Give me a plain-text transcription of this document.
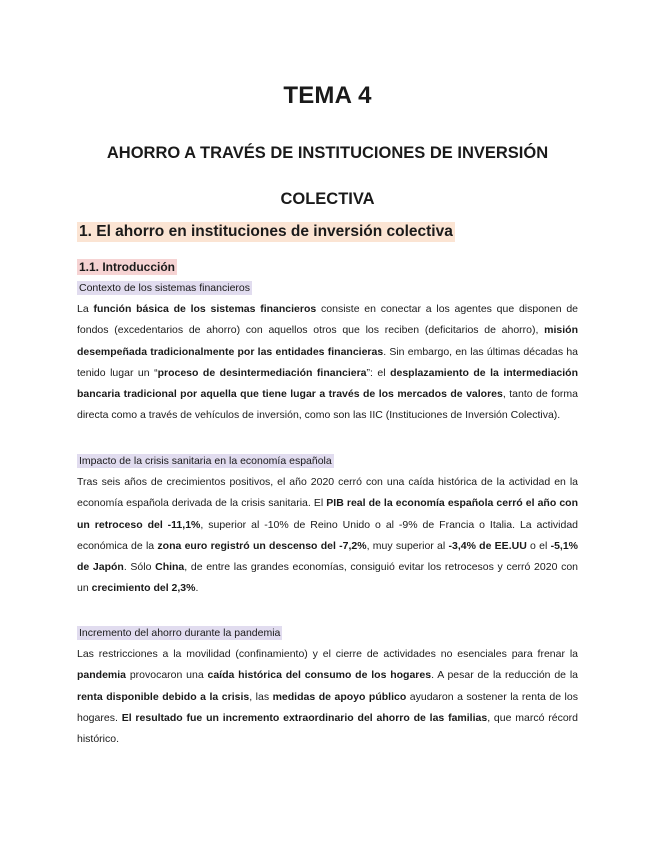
TEMA 4
AHORRO A TRAVÉS DE INSTITUCIONES DE INVERSIÓN
COLECTIVA
1. El ahorro en instituciones de inversión colectiva
1.1. Introducción
Contexto de los sistemas financieros
La función básica de los sistemas financieros consiste en conectar a los agentes que disponen de fondos (excedentarios de ahorro) con aquellos otros que los reciben (deficitarios de ahorro), misión desempeñada tradicionalmente por las entidades financieras. Sin embargo, en las últimas décadas ha tenido lugar un “proceso de desintermediación financiera”: el desplazamiento de la intermediación bancaria tradicional por aquella que tiene lugar a través de los mercados de valores, tanto de forma directa como a través de vehículos de inversión, como son las IIC (Instituciones de Inversión Colectiva).
Impacto de la crisis sanitaria en la economía española
Tras seis años de crecimientos positivos, el año 2020 cerró con una caída histórica de la actividad en la economía española derivada de la crisis sanitaria. El PIB real de la economía española cerró el año con un retroceso del -11,1%, superior al -10% de Reino Unido o al -9% de Francia o Italia. La actividad económica de la zona euro registró un descenso del -7,2%, muy superior al -3,4% de EE.UU o el -5,1% de Japón. Sólo China, de entre las grandes economías, consiguió evitar los retrocesos y cerró 2020 con un crecimiento del 2,3%.
Incremento del ahorro durante la pandemia
Las restricciones a la movilidad (confinamiento) y el cierre de actividades no esenciales para frenar la pandemia provocaron una caída histórica del consumo de los hogares. A pesar de la reducción de la renta disponible debido a la crisis, las medidas de apoyo público ayudaron a sostener la renta de los hogares. El resultado fue un incremento extraordinario del ahorro de las familias, que marcó récord histórico.
